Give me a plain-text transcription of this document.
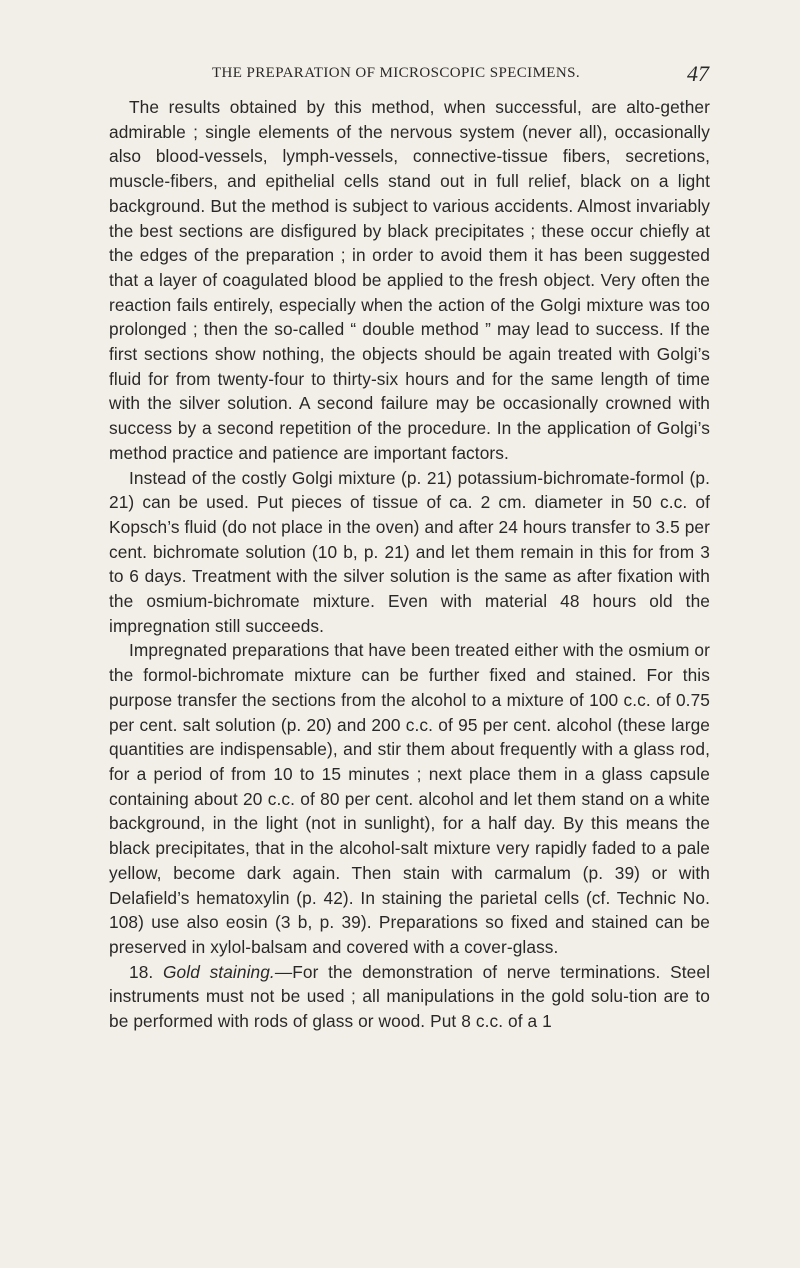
THE PREPARATION OF MICROSCOPIC SPECIMENS.	47

The results obtained by this method, when successful, are alto-gether admirable ; single elements of the nervous system (never all), occasionally also blood-vessels, lymph-vessels, connective-tissue fibers, secretions, muscle-fibers, and epithelial cells stand out in full relief, black on a light background. But the method is subject to various accidents. Almost invariably the best sections are disfigured by black precipitates ; these occur chiefly at the edges of the preparation ; in order to avoid them it has been suggested that a layer of coagulated blood be applied to the fresh object. Very often the reaction fails entirely, especially when the action of the Golgi mixture was too prolonged ; then the so-called “ double method ” may lead to success. If the first sections show nothing, the objects should be again treated with Golgi’s fluid for from twenty-four to thirty-six hours and for the same length of time with the silver solution. A second failure may be occasionally crowned with success by a second repetition of the procedure. In the application of Golgi’s method practice and patience are important factors.

Instead of the costly Golgi mixture (p. 21) potassium-bichromate-formol (p. 21) can be used. Put pieces of tissue of ca. 2 cm. diameter in 50 c.c. of Kopsch’s fluid (do not place in the oven) and after 24 hours transfer to 3.5 per cent. bichromate solution (10 b, p. 21) and let them remain in this for from 3 to 6 days. Treatment with the silver solution is the same as after fixation with the osmium-bichromate mixture. Even with material 48 hours old the impregnation still succeeds.

Impregnated preparations that have been treated either with the osmium or the formol-bichromate mixture can be further fixed and stained. For this purpose transfer the sections from the alcohol to a mixture of 100 c.c. of 0.75 per cent. salt solution (p. 20) and 200 c.c. of 95 per cent. alcohol (these large quantities are indispensable), and stir them about frequently with a glass rod, for a period of from 10 to 15 minutes ; next place them in a glass capsule containing about 20 c.c. of 80 per cent. alcohol and let them stand on a white background, in the light (not in sunlight), for a half day. By this means the black precipitates, that in the alcohol-salt mixture very rapidly faded to a pale yellow, become dark again. Then stain with carmalum (p. 39) or with Delafield’s hematoxylin (p. 42). In staining the parietal cells (cf. Technic No. 108) use also eosin (3 b, p. 39). Preparations so fixed and stained can be preserved in xylol-balsam and covered with a cover-glass.

18. Gold staining.—For the demonstration of nerve terminations. Steel instruments must not be used ; all manipulations in the gold solu-tion are to be performed with rods of glass or wood. Put 8 c.c. of a 1
